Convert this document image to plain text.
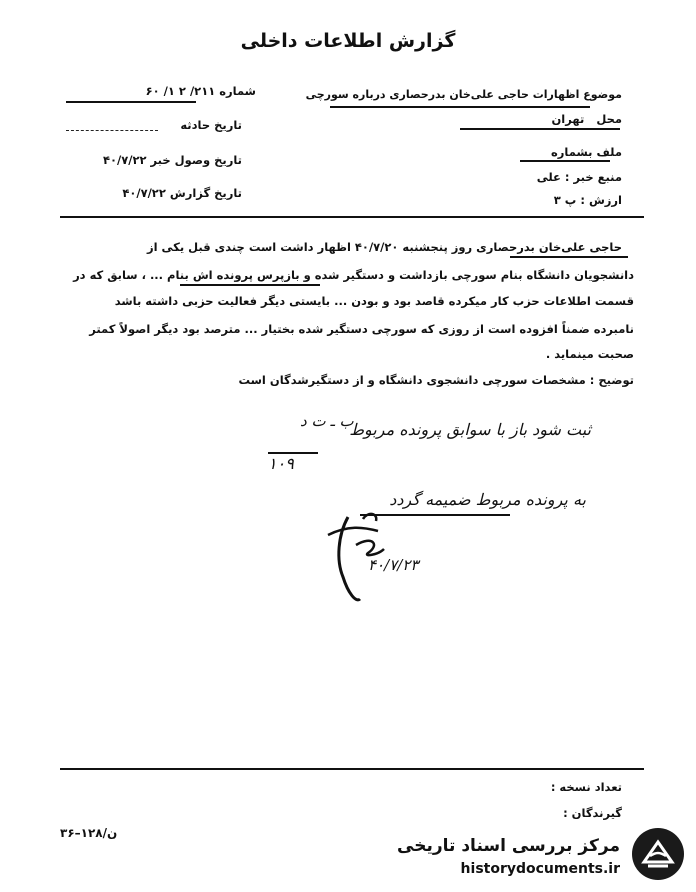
گزارش اطلاعات داخلی
موضوع اظهارات حاجی علی‌خان بدرحصاری درباره سورچی
محل تهران
ملف بشماره
منبع خبر : علی
ارزش : پ ۳
شماره ۲۱۱/ ۲ ۱/ ۶۰
تاریخ حادثه
تاریخ وصول خبر ۴۰/۷/۲۲
تاریخ گزارش ۴۰/۷/۲۲
حاجی علی‌خان بدرحصاری روز پنجشنبه ۴۰/۷/۲۰ اظهار داشت است چندی قبل یکی از
دانشجویان دانشگاه بنام سورچی بازداشت و دستگیر شده و بازپرس پرونده اش بنام ... ، سابق که در
قسمت اطلاعات حزب کار میکرده قاصد بود و بودن ... بایستی دیگر فعالیت حزبی داشته باشد
نامبرده ضمناً افزوده است از روزی که سورچی دستگیر شده بختیار ... مترصد بود دیگر اصولاً کمتر
صحبت مینماید .
توضیح : مشخصات سورچی دانشجوی دانشگاه و از دستگیرشدگان است
ثبت شود باز با سوابق پرونده مربوط
ب ـ ت د
۱۰۹
به پرونده مربوط ضمیمه گردد
۴۰/۷/۲۳
تعداد نسخه :
گیرندگان :
ن/۱۲۸–۳۶
مرکز بررسی اسناد تاریخی
historydocuments.ir
